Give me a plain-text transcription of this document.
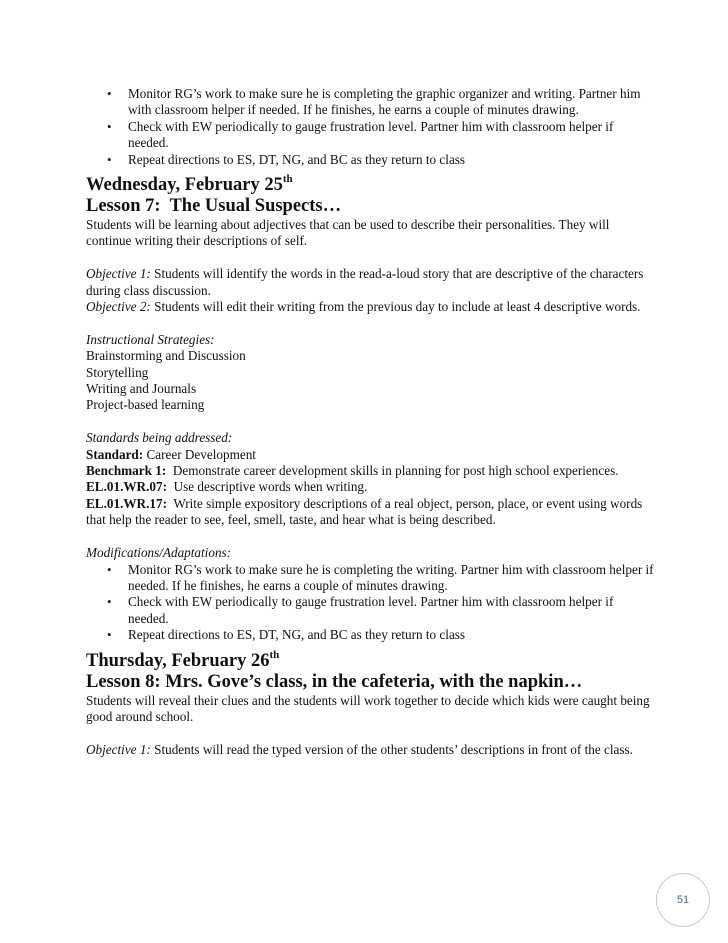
• Monitor RG’s work to make sure he is completing the graphic organizer and writing. Partner him with classroom helper if needed. If he finishes, he earns a couple of minutes drawing.
• Check with EW periodically to gauge frustration level. Partner him with classroom helper if needed.
• Repeat directions to ES, DT, NG, and BC as they return to class
Wednesday, February 25th
Lesson 7: The Usual Suspects…

Students will be learning about adjectives that can be used to describe their personalities. They will continue writing their descriptions of self.

Objective 1: Students will identify the words in the read-a-loud story that are descriptive of the characters during class discussion.

Objective 2: Students will edit their writing from the previous day to include at least 4 descriptive words.

Instructional Strategies:

Brainstorming and Discussion

Storytelling

Writing and Journals

Project-based learning

Standards being addressed:

Standard: Career Development

Benchmark 1: Demonstrate career development skills in planning for post high school experiences.

EL.01.WR.07: Use descriptive words when writing.

EL.01.WR.17: Write simple expository descriptions of a real object, person, place, or event using words that help the reader to see, feel, smell, taste, and hear what is being described.

Modifications/Adaptations:

• Monitor RG’s work to make sure he is completing the writing. Partner him with classroom helper if needed. If he finishes, he earns a couple of minutes drawing.
• Check with EW periodically to gauge frustration level. Partner him with classroom helper if needed.
• Repeat directions to ES, DT, NG, and BC as they return to class
Thursday, February 26th
Lesson 8: Mrs. Gove’s class, in the cafeteria, with the napkin…

Students will reveal their clues and the students will work together to decide which kids were caught being good around school.

Objective 1: Students will read the typed version of the other students’ descriptions in front of the class.

51
